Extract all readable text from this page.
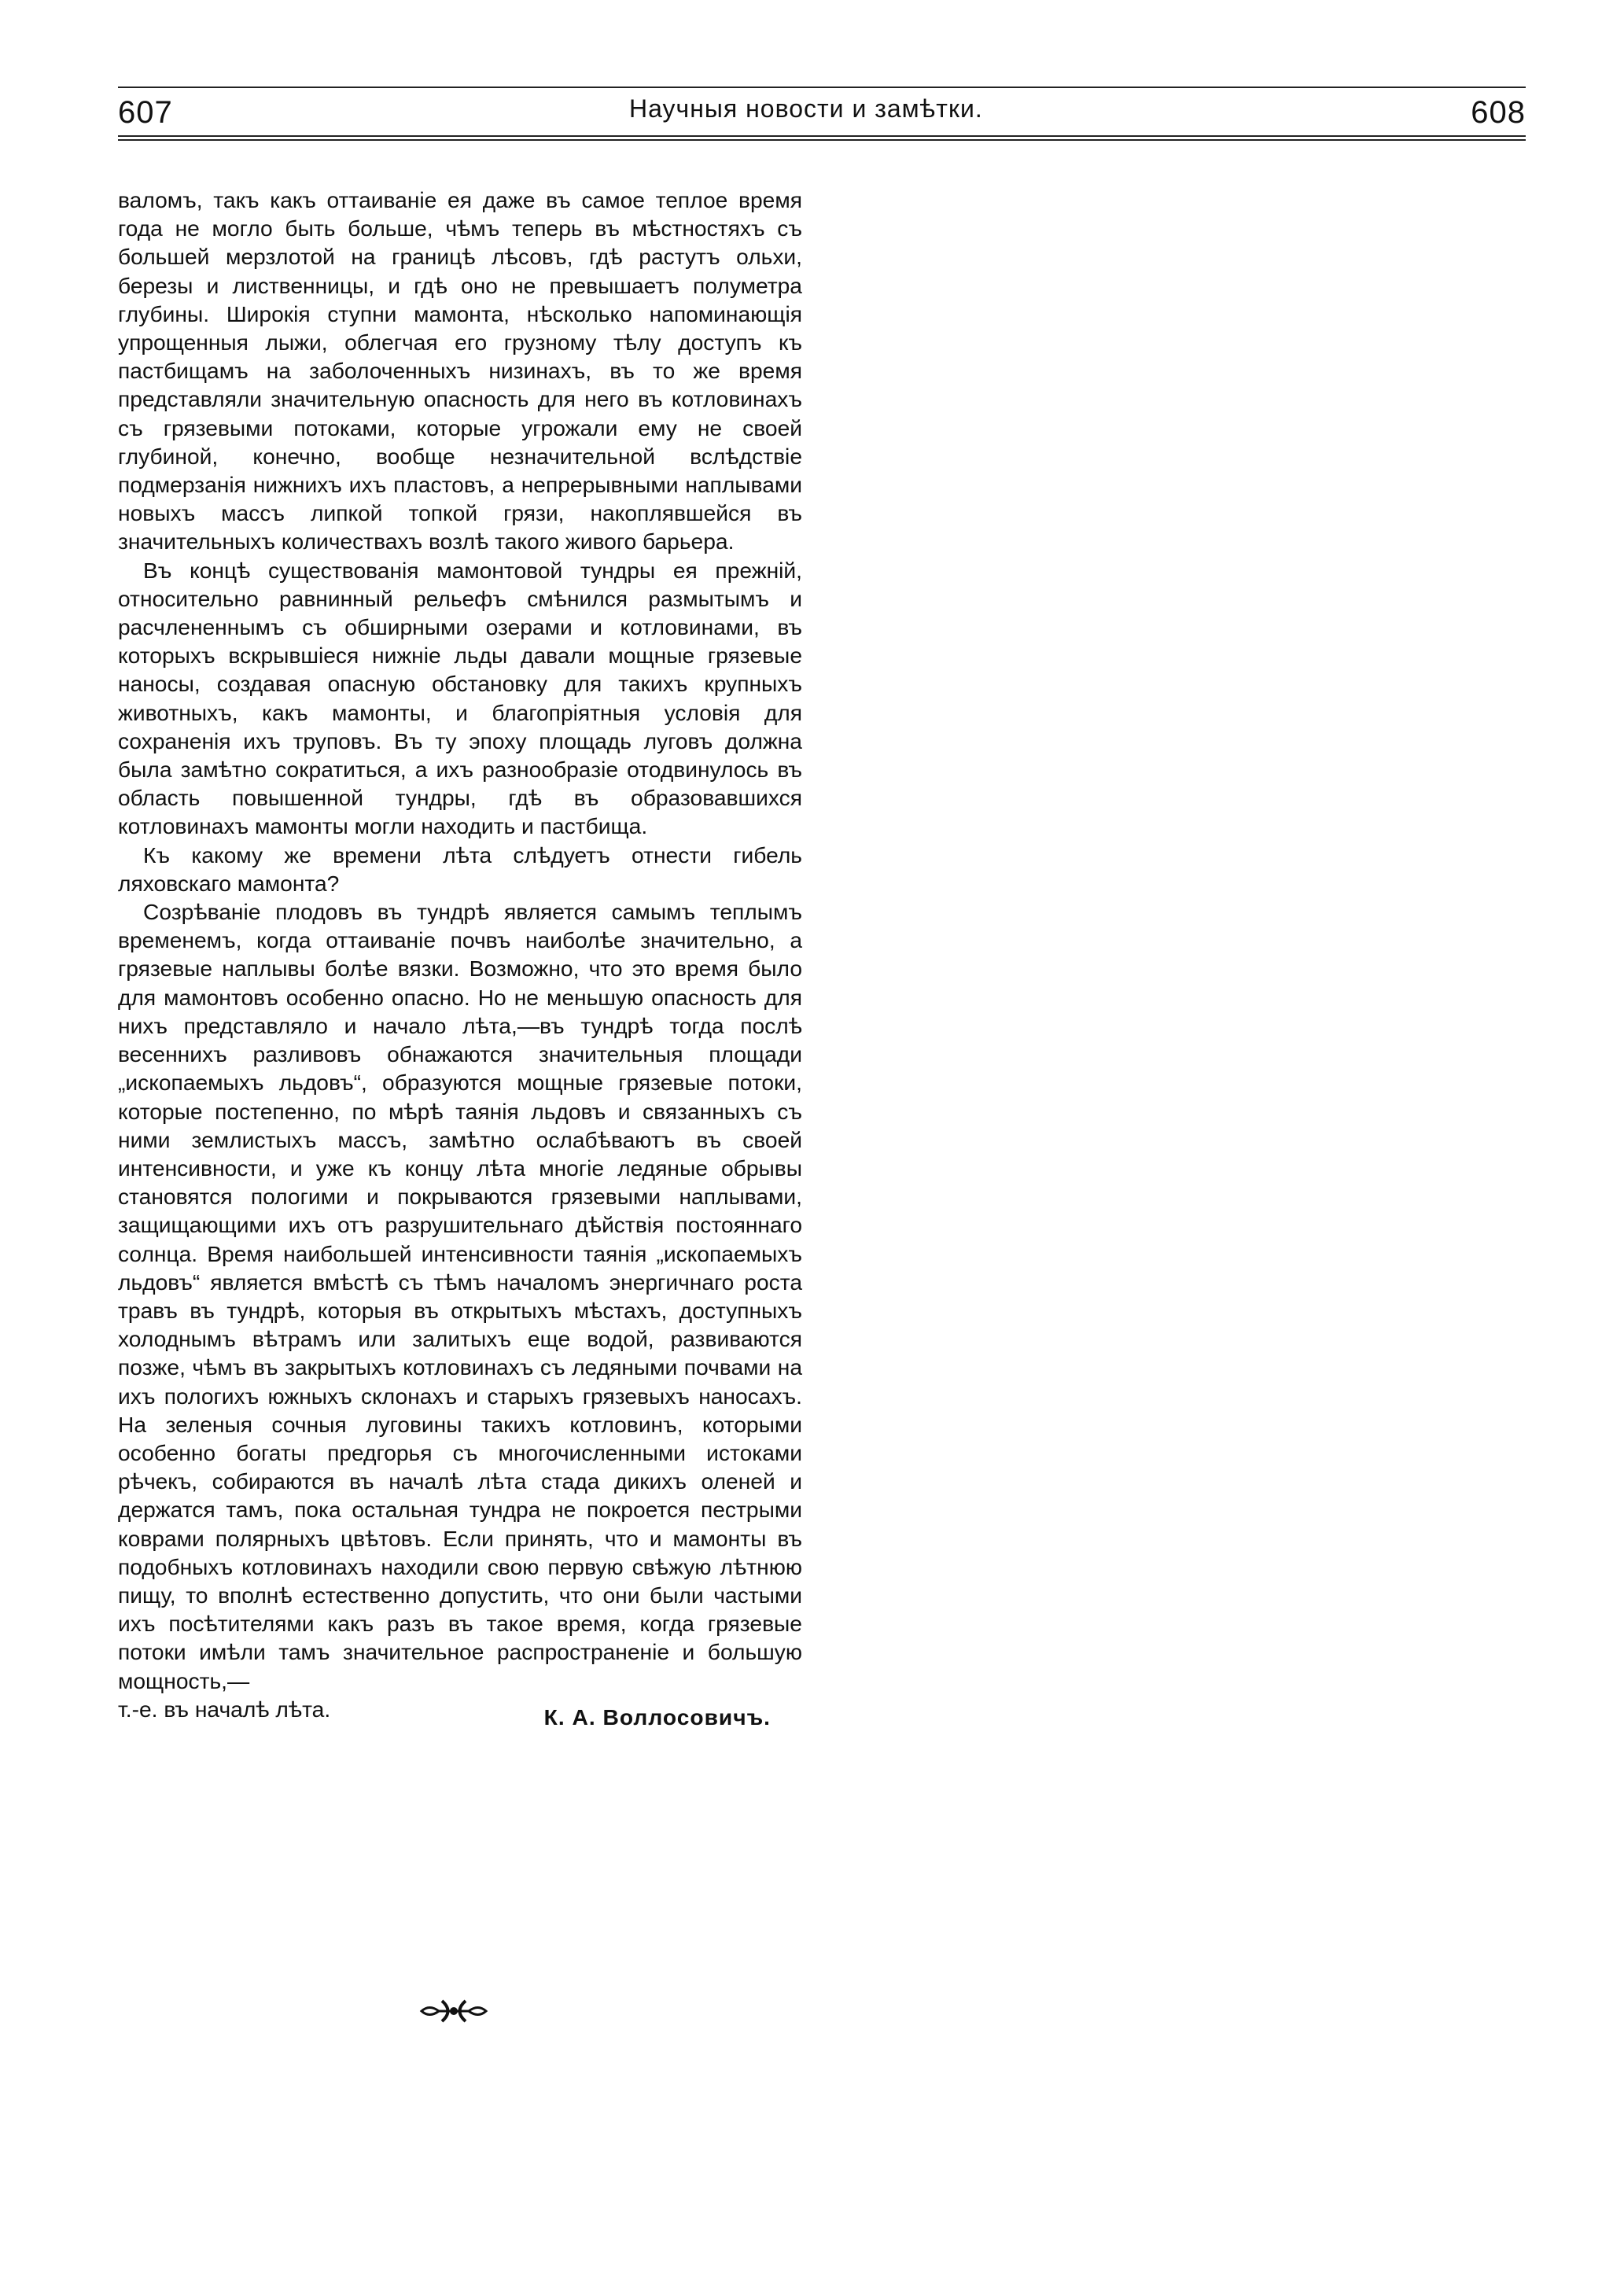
607	Научныя новости и замѣтки.	608

валомъ, такъ какъ оттаиваніе ея даже въ самое теплое время года не могло быть больше, чѣмъ теперь въ мѣстностяхъ съ большей мерзлотой на границѣ лѣсовъ, гдѣ растутъ ольхи, березы и лиственницы, и гдѣ оно не превышаетъ полуметра глубины. Широкія ступни мамонта, нѣсколько напоминающія упрощенныя лыжи, облегчая его грузному тѣлу доступъ къ пастбищамъ на заболоченныхъ низинахъ, въ то же время представляли значительную опасность для него въ котловинахъ съ грязевыми потоками, которые угрожали ему не своей глубиной, конечно, вообще незначительной вслѣдствіе подмерзанія нижнихъ ихъ пластовъ, а непрерывными наплывами новыхъ массъ липкой топкой грязи, накоплявшейся въ значительныхъ количествахъ возлѣ такого живого барьера.

Въ концѣ существованія мамонтовой тундры ея прежній, относительно равнинный рельефъ смѣнился размытымъ и расчлененнымъ съ обширными озерами и котловинами, въ которыхъ вскрывшіеся нижніе льды давали мощные грязевые наносы, создавая опасную обстановку для такихъ крупныхъ животныхъ, какъ мамонты, и благопріятныя условія для сохраненія ихъ труповъ. Въ ту эпоху площадь луговъ должна была замѣтно сократиться, а ихъ разнообразіе отодвинулось въ область повышенной тундры, гдѣ въ образовавшихся котловинахъ мамонты могли находить и пастбища.

Къ какому же времени лѣта слѣдуетъ отнести гибель ляховскаго мамонта?

Созрѣваніе плодовъ въ тундрѣ является самымъ теплымъ временемъ, когда оттаиваніе почвъ наиболѣе значительно, а грязевые наплывы болѣе вязки. Возможно, что это время было для мамонтовъ особенно опасно. Но не меньшую опасность для нихъ представляло и начало лѣта,—въ тундрѣ тогда послѣ весеннихъ разливовъ обнажаются значительныя площади „ископаемыхъ льдовъ“, образуются мощные грязевые потоки, которые постепенно, по мѣрѣ таянія льдовъ и связанныхъ съ ними землистыхъ массъ, замѣтно ослабѣваютъ въ своей интенсивности, и уже къ концу лѣта многіе ледяные обрывы становятся пологими и покрываются грязевыми наплывами, защищающими ихъ отъ разрушительнаго дѣйствія постояннаго солнца. Время наибольшей интенсивности таянія „ископаемыхъ льдовъ“ является вмѣстѣ съ тѣмъ началомъ энергичнаго роста травъ въ тундрѣ, которыя въ открытыхъ мѣстахъ, доступныхъ холоднымъ вѣтрамъ или залитыхъ еще водой, развиваются позже, чѣмъ въ закрытыхъ котловинахъ съ ледяными почвами на ихъ пологихъ южныхъ склонахъ и старыхъ грязевыхъ наносахъ. На зеленыя сочныя луговины такихъ котловинъ, которыми особенно богаты предгорья съ многочисленными истоками рѣчекъ, собираются въ началѣ лѣта стада дикихъ оленей и держатся тамъ, пока остальная тундра не покроется пестрыми коврами полярныхъ цвѣтовъ. Если принять, что и мамонты въ подобныхъ котловинахъ находили свою первую свѣжую лѣтнюю пищу, то вполнѣ естественно допустить, что они были частыми ихъ посѣтителями какъ разъ въ такое время, когда грязевые потоки имѣли тамъ значительное распространеніе и большую мощность,—

т.-е. въ началѣ лѣта.	К. А. Воллосовичъ.
